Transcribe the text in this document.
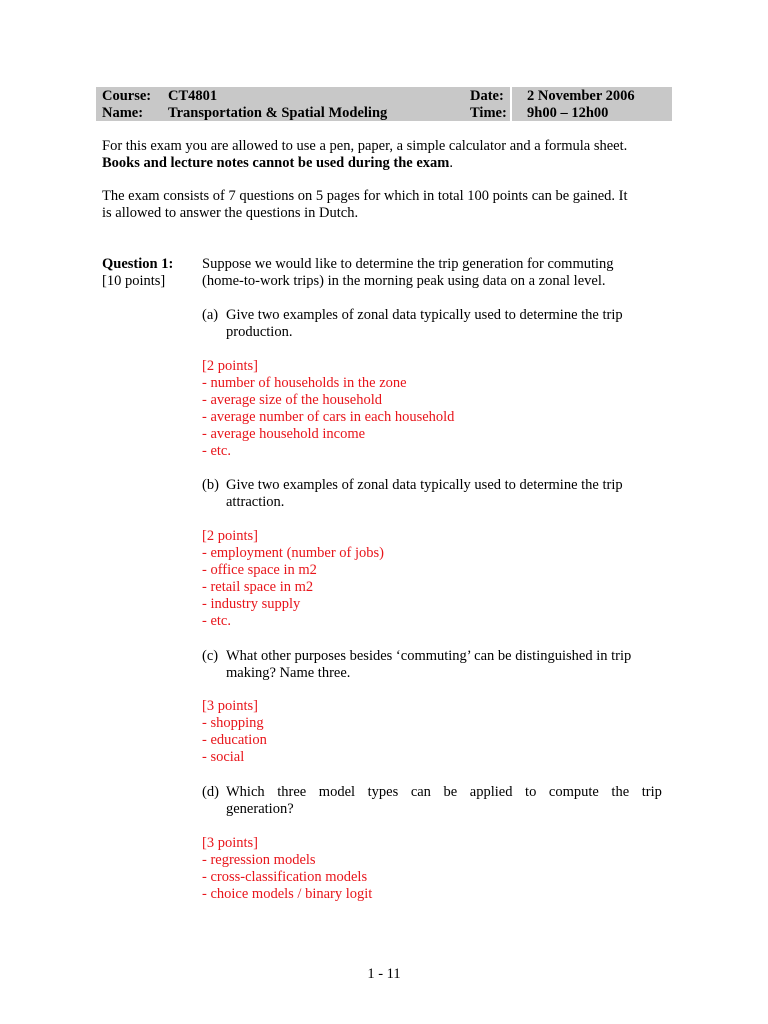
Course: CT4801
Name: Transportation & Spatial Modeling
Date: 2 November 2006
Time: 9h00 – 12h00
For this exam you are allowed to use a pen, paper, a simple calculator and a formula sheet.
Books and lecture notes cannot be used during the exam.
The exam consists of 7 questions on 5 pages for which in total 100 points can be gained. It
is allowed to answer the questions in Dutch.
Question 1:
[10 points]
Suppose we would like to determine the trip generation for commuting
(home-to-work trips) in the morning peak using data on a zonal level.
(a) Give two examples of zonal data typically used to determine the trip
production.
[2 points]
- number of households in the zone
- average size of the household
- average number of cars in each household
- average household income
- etc.
(b) Give two examples of zonal data typically used to determine the trip
attraction.
[2 points]
- employment (number of jobs)
- office space in m2
- retail space in m2
- industry supply
- etc.
(c) What other purposes besides ‘commuting’ can be distinguished in trip
making? Name three.
[3 points]
- shopping
- education
- social
(d) Which three model types can be applied to compute the trip
generation?
[3 points]
- regression models
- cross-classification models
- choice models / binary logit
1 - 11
